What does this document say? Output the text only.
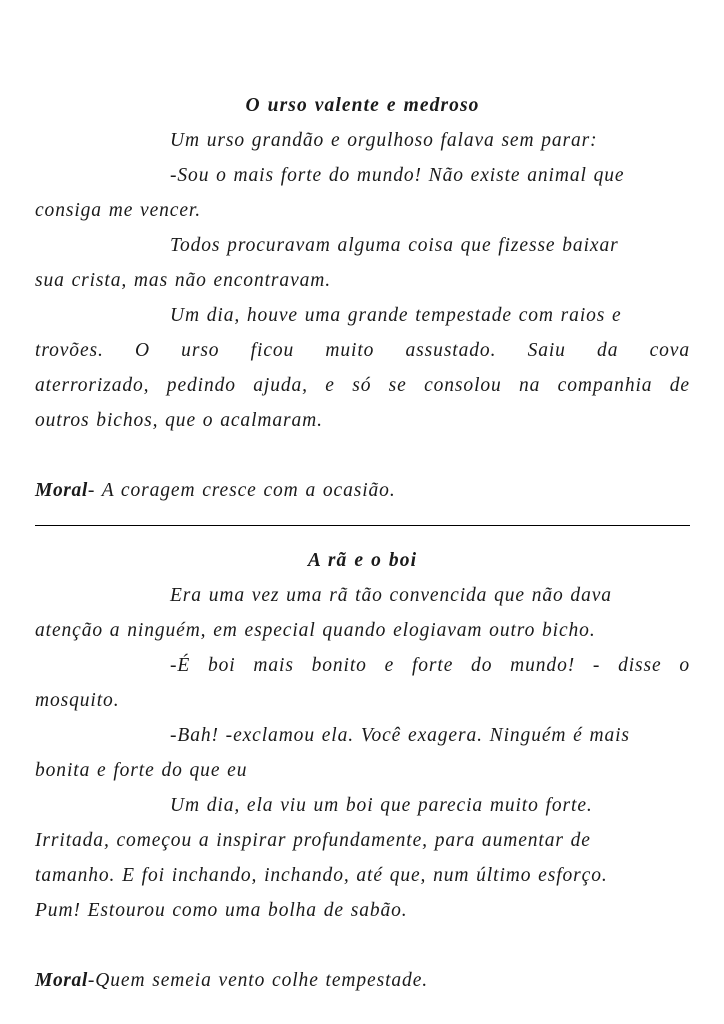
O urso valente e medroso
Um urso grandão e orgulhoso falava sem parar:
-Sou o mais forte do mundo! Não existe animal que
consiga me vencer.
Todos procuravam alguma coisa que fizesse baixar
sua crista, mas não encontravam.
Um dia, houve uma grande tempestade com raios e
trovões. O urso ficou muito assustado. Saiu da cova
aterrorizado, pedindo ajuda, e só se consolou na companhia de
outros bichos, que o acalmaram.

Moral- A coragem cresce com a ocasião.

A rã e o boi
Era uma vez uma rã tão convencida que não dava
atenção a ninguém, em especial quando elogiavam outro bicho.
-É boi mais bonito e forte do mundo! - disse o
mosquito.
-Bah! -exclamou ela. Você exagera. Ninguém é mais
bonita e forte do que eu
Um dia, ela viu um boi que parecia muito forte.
Irritada, começou a inspirar profundamente, para aumentar de
tamanho. E foi inchando, inchando, até que, num último esforço.
Pum! Estourou como uma bolha de sabão.

Moral-Quem semeia vento colhe tempestade.
